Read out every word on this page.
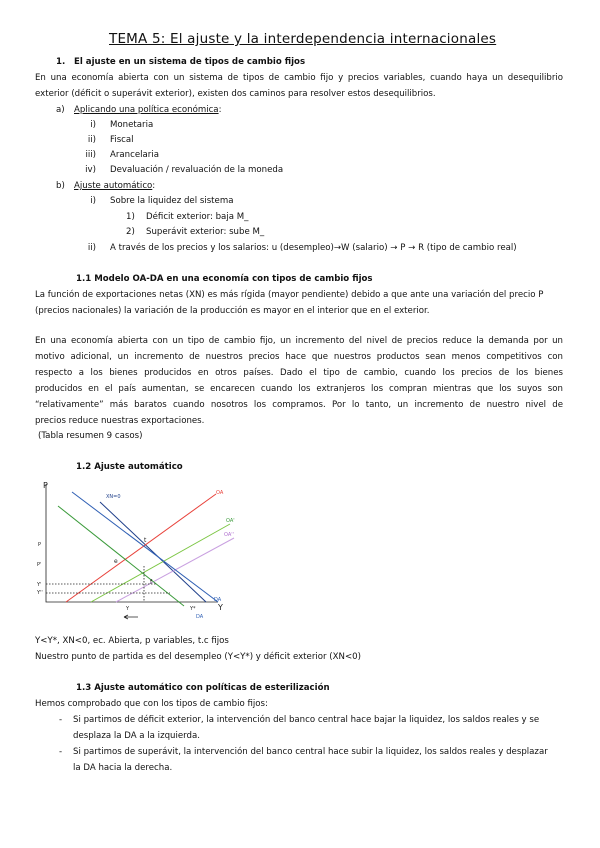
TEMA 5: El ajuste y la interdependencia internacionales
1. El ajuste en un sistema de tipos de cambio fijos
En una economía abierta con un sistema de tipos de cambio fijo y precios variables, cuando haya un desequilibrio
exterior (déficit o superávit exterior), existen dos caminos para resolver estos desequilibrios.
a) Aplicando una política económica:
i) Monetaria
ii) Fiscal
iii) Arancelaria
iv) Devaluación / revaluación de la moneda
b) Ajuste automático:
i) Sobre la liquidez del sistema
1) Déficit exterior: baja M_
2) Superávit exterior: sube M_
ii) A través de los precios y los salarios: u (desempleo)→W (salario) → P → R (tipo de cambio real)
1.1 Modelo OA-DA en una economía con tipos de cambio fijos
La función de exportaciones netas (XN) es más rígida (mayor pendiente) debido a que ante una variación del precio P
(precios nacionales) la variación de la producción es mayor en el interior que en el exterior.
En una economía abierta con un tipo de cambio fijo, un incremento del nivel de precios reduce la demanda por un
motivo adicional, un incremento de nuestros precios hace que nuestros productos sean menos competitivos con
respecto a los bienes producidos en otros países. Dado el tipo de cambio, cuando los precios de los bienes
producidos en el país aumentan, se encarecen cuando los extranjeros los compran mientras que los suyos son
“relativamente” más baratos cuando nosotros los compramos. Por lo tanto, un incremento de nuestro nivel de
precios reduce nuestras exportaciones.
(Tabla resumen 9 casos)
1.2 Ajuste automático
P
Y
XN=0
OA
OA'
OA''
DA
DA
P
P'
Y'
Y''
Y	Y*
t
e
f
Y<Y*, XN<0, ec. Abierta, p variables, t.c fijos
Nuestro punto de partida es del desempleo (Y<Y*) y déficit exterior (XN<0)
1.3 Ajuste automático con políticas de esterilización
Hemos comprobado que con los tipos de cambio fijos:
- Si partimos de déficit exterior, la intervención del banco central hace bajar la liquidez, los saldos reales y se
desplaza la DA a la izquierda.
- Si partimos de superávit, la intervención del banco central hace subir la liquidez, los saldos reales y desplazar
la DA hacia la derecha.
